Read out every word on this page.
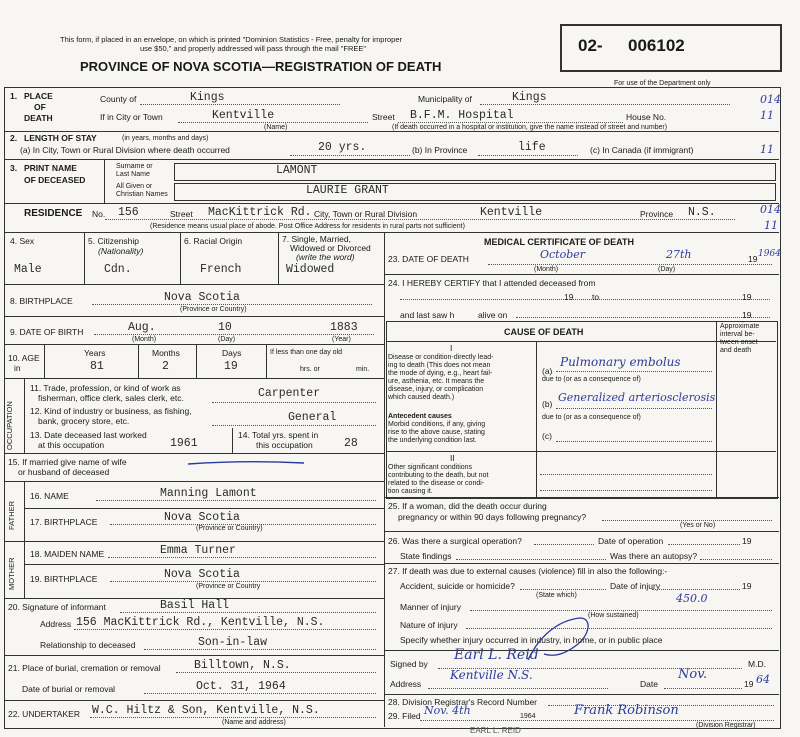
This form, if placed in an envelope, on which is printed "Dominion Statistics - Free, penalty for improper
use $50," and properly addressed will pass through the mail "FREE"
PROVINCE OF NOVA SCOTIA—REGISTRATION OF DEATH
02- 006102
For use of the Department only
1. PLACE
OF
DEATH
County of	Kings	Municipality of	Kings	014
If in City or Town	Kentville
(Name)
Street B.F.M. Hospital	House No.	11
(If death occurred in a hospital or institution, give the name instead of street and number)
2. LENGTH OF STAY	(in years, months and days)
(a) In City, Town or Rural Division where death occurred	20 yrs.	(b) In Province	life	(c) In Canada (if immigrant)	11
3. PRINT NAME
OF DECEASED
Surname or
Last Name	LAMONT
All Given or
Christian Names	LAURIE GRANT
RESIDENCE No. 156	Street MacKittrick Rd. City, Town or Rural Division	Kentville	Province N.S.	014
11
(Residence means usual place of abode. Post Office Address for residents in rural parts not sufficient)
4. Sex
Male
5. Citizenship
(Nationality)
Cdn.
6. Racial Origin
French
7. Single, Married,
Widowed or Divorced
(write the word)
Widowed
8. BIRTHPLACE	Nova Scotia
(Province or Country)
9. DATE OF BIRTH	Aug.	10	1883
(Month)	(Day)	(Year)
10. AGE
in
Years
81
Months
2
Days
19
If less than one day old
hrs. or	min.
OCCUPATION
11. Trade, profession, or kind of work as
fisherman, office clerk, sales clerk, etc.	Carpenter
12. Kind of industry or business, as fishing,
bank, grocery store, etc.	General
13. Date deceased last worked
at this occupation	1961
14. Total yrs. spent in
this occupation	28
15. If married give name of wife
or husband of deceased
FATHER
16. NAME	Manning Lamont
17. BIRTHPLACE	Nova Scotia
(Province or Country)
MOTHER
18. MAIDEN NAME	Emma Turner
19. BIRTHPLACE	Nova Scotia
(Province or Country
20. Signature of informant	Basil Hall
Address 156 MacKittrick Rd., Kentville, N.S.
Relationship to deceased	Son-in-law
21. Place of burial, cremation or removal	Billtown, N.S.
Date of burial or removal	Oct. 31, 1964
22. UNDERTAKER W.C. Hiltz & Son, Kentville, N.S.
(Name and address)
MEDICAL CERTIFICATE OF DEATH
23. DATE OF DEATH	October	27th	19 1964
(Month)	(Day)
24. I HEREBY CERTIFY that I attended deceased from
19 to	19
and last saw h	alive on	19
CAUSE OF DEATH
Approximate
interval be-
tween onset
and death
I
Disease or condition-directly lead-
ing to death (This does not mean
the mode of dying, e.g., heart fail-
ure, asthenia, etc. It means the
disease, injury, or complication
which caused death.)
(a)
Pulmonary embolus
due to (or as a consequence of)
(b) Generalized arteriosclerosis
due to (or as a consequence of)
(c)
Antecedent causes
Morbid conditions, if any, giving
rise to the above cause, stating
the underlying condition last.
II
Other significant conditions
contributing to the death, but not
related to the disease or condi-
tion causing it.
25. If a woman, did the death occur during
pregnancy or within 90 days following pregnancy?
(Yes or No)
26. Was there a surgical operation?	Date of operation	19
State findings	Was there an autopsy?
27. If death was due to external causes (violence) fill in also the following:-
Accident, suicide or homicide?	Date of injury	19
(State which)
Manner of injury
450.0
(How sustained)
Nature of injury
Specify whether injury occurred in industry, in home, or in public place
Signed by
Earl L. Reid
M.D.
Address
Kentville N.S.
Date
Nov.
19 64
28. Division Registrar's Record Number
29. Filed Nov. 4th	1964	Frank Robinson
(Division Registrar)
EARL L. REID
